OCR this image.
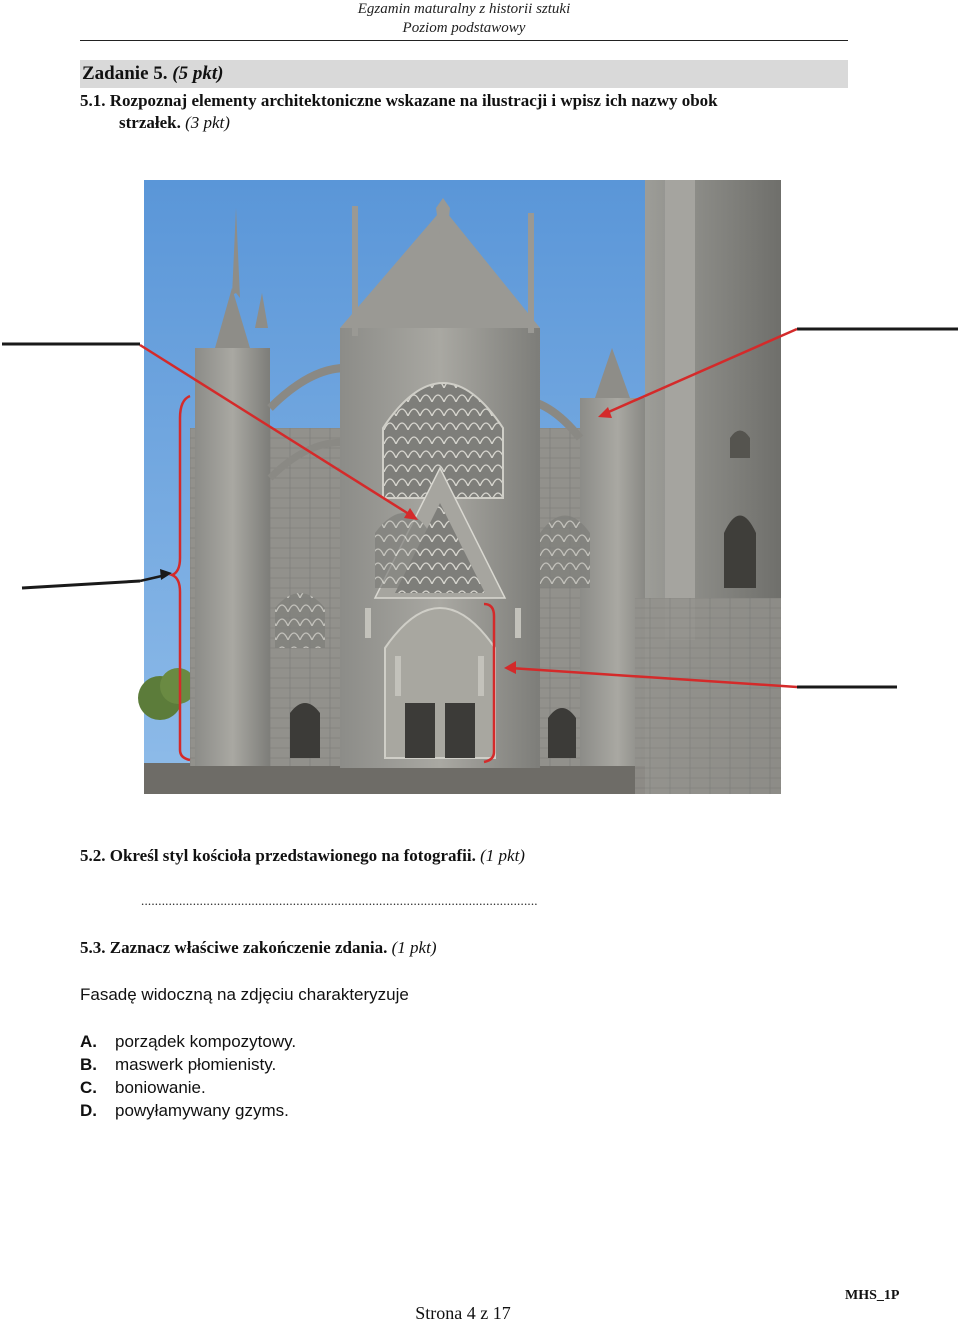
Egzamin maturalny z historii sztuki
Poziom podstawowy
Zadanie 5. (5 pkt)
5.1. Rozpoznaj elementy architektoniczne wskazane na ilustracji i wpisz ich nazwy obok
strzałek. (3 pkt)
5.2. Określ styl kościoła przedstawionego na fotografii. (1 pkt)
...................................................................................................................
5.3. Zaznacz właściwe zakończenie zdania. (1 pkt)
Fasadę widoczną na zdjęciu charakteryzuje
A.	porządek kompozytowy.
B.	maswerk płomienisty.
C.	boniowanie.
D.	powyłamywany gzyms.
MHS_1P
Strona 4 z 17
